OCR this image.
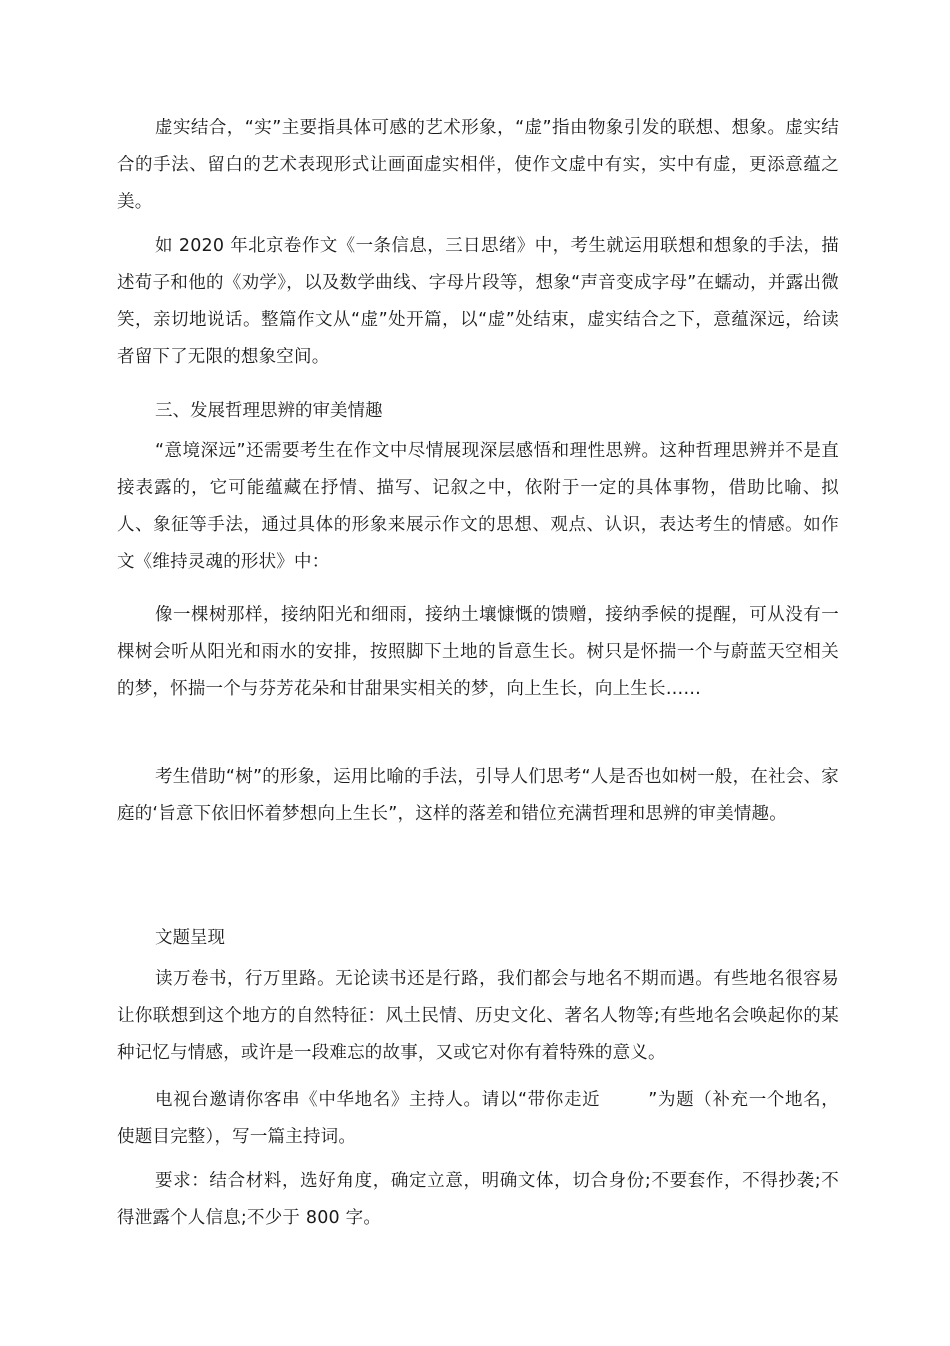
虚实结合，“实”主要指具体可感的艺术形象，“虚”指由物象引发的联想、想象。虚实结合的手法、留白的艺术表现形式让画面虚实相伴，使作文虚中有实，实中有虚，更添意蕴之美。

如 2020 年北京卷作文《一条信息，三日思绪》中，考生就运用联想和想象的手法，描述荀子和他的《劝学》，以及数学曲线、字母片段等，想象“声音变成字母”在蠕动，并露出微笑，亲切地说话。整篇作文从“虚”处开篇，以“虚”处结束，虚实结合之下，意蕴深远，给读者留下了无限的想象空间。

三、发展哲理思辨的审美情趣

“意境深远”还需要考生在作文中尽情展现深层感悟和理性思辨。这种哲理思辨并不是直接表露的，它可能蕴藏在抒情、描写、记叙之中，依附于一定的具体事物，借助比喻、拟人、象征等手法，通过具体的形象来展示作文的思想、观点、认识，表达考生的情感。如作文《维持灵魂的形状》中：

像一棵树那样，接纳阳光和细雨，接纳土壤慷慨的馈赠，接纳季候的提醒，可从没有一棵树会听从阳光和雨水的安排，按照脚下土地的旨意生长。树只是怀揣一个与蔚蓝天空相关的梦，怀揣一个与芬芳花朵和甘甜果实相关的梦，向上生长，向上生长……

考生借助“树”的形象，运用比喻的手法，引导人们思考“人是否也如树一般，在社会、家庭的‘旨意下依旧怀着梦想向上生长”，这样的落差和错位充满哲理和思辨的审美情趣。

文题呈现

读万卷书，行万里路。无论读书还是行路，我们都会与地名不期而遇。有些地名很容易让你联想到这个地方的自然特征：风土民情、历史文化、著名人物等;有些地名会唤起你的某种记忆与情感，或许是一段难忘的故事，又或它对你有着特殊的意义。

电视台邀请你客串《中华地名》主持人。请以“带你走近	”为题（补充一个地名，使题目完整），写一篇主持词。

要求：结合材料，选好角度，确定立意，明确文体，切合身份;不要套作，不得抄袭;不得泄露个人信息;不少于 800 字。
